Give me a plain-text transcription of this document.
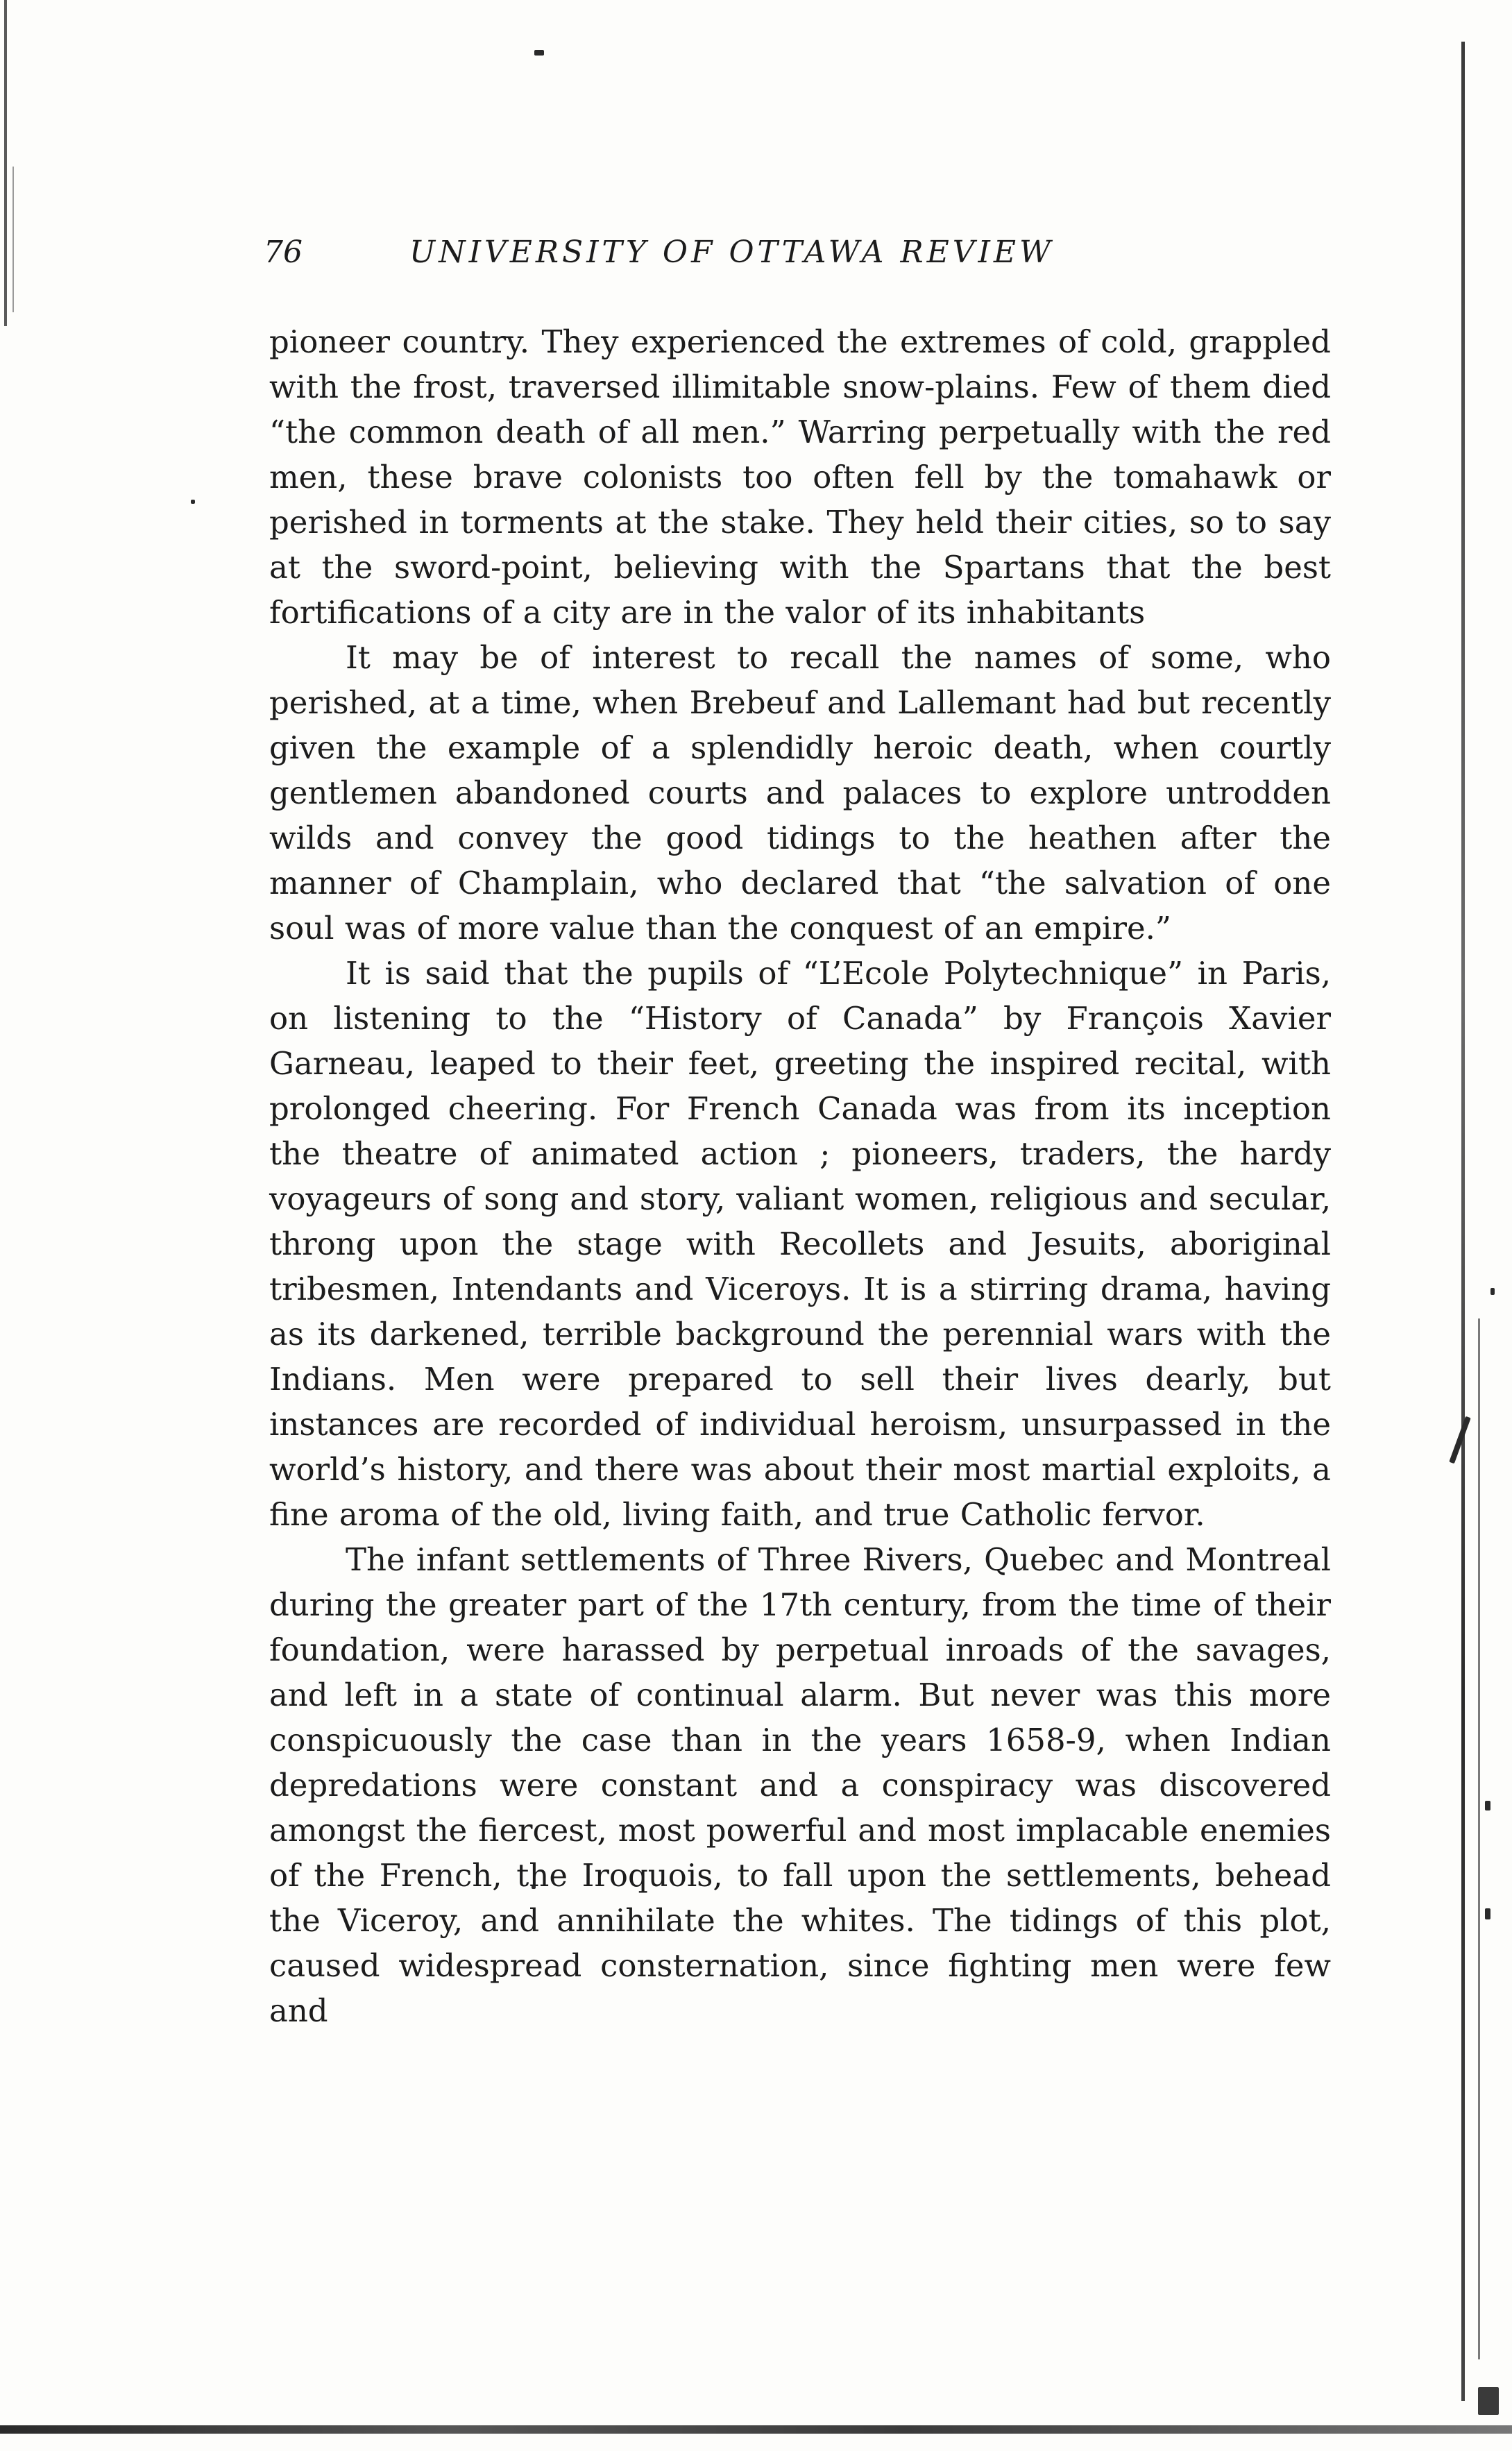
76	UNIVERSITY OF OTTAWA REVIEW

pioneer country. They experienced the extremes of cold, grappled with the frost, traversed illimitable snow-plains. Few of them died “the common death of all men.” Warring perpetually with the red men, these brave colonists too often fell by the tomahawk or perished in torments at the stake. They held their cities, so to say at the sword-point, believing with the Spartans that the best fortifications of a city are in the valor of its inhabitants

It may be of interest to recall the names of some, who perished, at a time, when Brebeuf and Lallemant had but recently given the example of a splendidly heroic death, when courtly gentlemen abandoned courts and palaces to explore untrodden wilds and convey the good tidings to the heathen after the manner of Champlain, who declared that “the salvation of one soul was of more value than the conquest of an empire.”

It is said that the pupils of “L’Ecole Polytechnique” in Paris, on listening to the “History of Canada” by François Xavier Garneau, leaped to their feet, greeting the inspired recital, with prolonged cheering. For French Canada was from its inception the theatre of animated action ; pioneers, traders, the hardy voyageurs of song and story, valiant women, religious and secular, throng upon the stage with Recollets and Jesuits, aboriginal tribesmen, Intendants and Viceroys. It is a stirring drama, having as its darkened, terrible background the perennial wars with the Indians. Men were prepared to sell their lives dearly, but instances are recorded of individual heroism, unsurpassed in the world’s history, and there was about their most martial exploits, a fine aroma of the old, living faith, and true Catholic fervor.

The infant settlements of Three Rivers, Quebec and Montreal during the greater part of the 17th century, from the time of their foundation, were harassed by perpetual inroads of the savages, and left in a state of continual alarm. But never was this more conspicuously the case than in the years 1658-9, when Indian depredations were constant and a conspiracy was discovered amongst the fiercest, most powerful and most implacable enemies of the French, the Iroquois, to fall upon the settlements, behead the Viceroy, and annihilate the whites. The tidings of this plot, caused widespread consternation, since fighting men were few and
